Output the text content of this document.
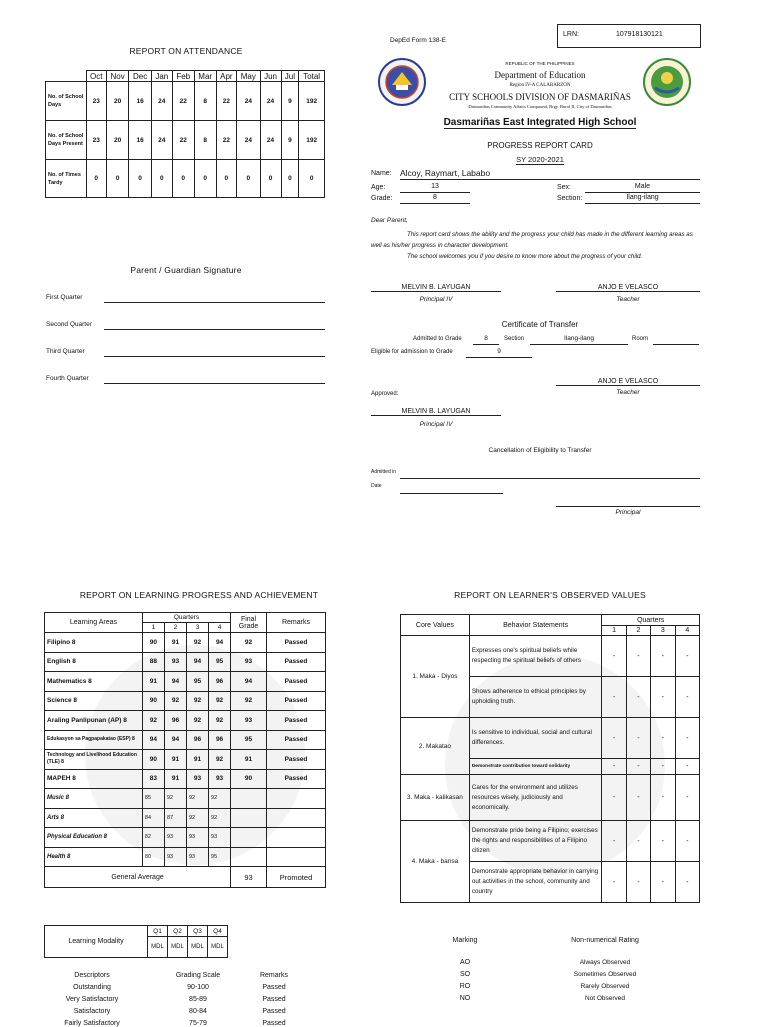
REPORT ON ATTENDANCE
	Oct	Nov	Dec	Jan	Feb	Mar	Apr	May	Jun	Jul	Total
No. of School Days	23	20	16	24	22	8	22	24	24	9	192
No. of School Days Present	23	20	16	24	22	8	22	24	24	9	192
No. of Times Tardy	0	0	0	0	0	0	0	0	0	0	0
Parent / Guardian Signature
First Quarter
Second Quarter
Third Quarter
Fourth Quarter
DepEd Form 138-E
LRN:	107918130121
REPUBLIC OF THE PHILIPPINES
Department of Education
Region IV-A CALABARZON
CITY SCHOOLS DIVISION OF DASMARIÑAS
Dasmariñas Community Affairs Compound, Brgy. Burol II, City of Dasmariñas
Dasmariñas East Integrated High School
PROGRESS REPORT CARD
SY 2020-2021
Name: Alcoy, Raymart, Lababo
Age:	13	Sex:	Male
Grade:	8	Section:	Ilang-ilang
Dear Parent,
This report card shows the ability and the progress your child has made in the different learning areas as well as his/her progress in character development.
The school welcomes you if you desire to know more about the progress of your child.
MELVIN B. LAYUGAN
Principal IV
ANJO E VELASCO
Teacher
Certificate of Transfer
Admitted to Grade	8	Section	Ilang-ilang	Room
Eligible for admission to Grade	9
ANJO E VELASCO
Teacher
Approved:
MELVIN B. LAYUGAN
Principal IV
Cancellation of Eligibility to Transfer
Admitted in
Date
Principal
REPORT ON LEARNING PROGRESS AND ACHIEVEMENT
Learning Areas	Quarters				Final Grade	Remarks
	1	2	3	4		
Filipino 8	90	91	92	94	92	Passed
English 8	88	93	94	95	93	Passed
Mathematics 8	91	94	95	96	94	Passed
Science 8	90	92	92	92	92	Passed
Araling Panlipunan (AP) 8	92	96	92	92	93	Passed
Edukasyon sa Pagpapakatao (ESP) 8	94	94	96	96	95	Passed
Technology and Livelihood Education (TLE) 8	90	91	91	92	91	Passed
MAPEH 8	83	91	93	93	90	Passed
Music 8	85	92	92	92		
Arts 8	84	87	92	92		
Physical Education 8	82	93	93	93		
Health 8	80	93	93	95		
General Average					93	Promoted
REPORT ON LEARNER'S OBSERVED VALUES
Core Values	Behavior Statements	Quarters			
		1	2	3	4
1. Maka - Diyos	Expresses one's spiritual beliefs while respecting the spiritual beliefs of others	-	-	-	-
	Shows adherence to ethical principles by upholding truth.	-	-	-	-
2. Makatao	Is sensitive to individual, social and cultural differences.	-	-	-	-
	Demonstrate contribution toward solidarity	-	-	-	-
3. Maka - kalikasan	Cares for the environment and utilizes resources wisely, judiciously and economically.	-	-	-	-
4. Maka - bansa	Demonstrate pride being a Filipino; exercises the rights and responsibilities of a Filipino citizen	-	-	-	-
	Demonstrate appropriate behavior in carrying out activities in the school, community and country	-	-	-	-
Learning Modality	Q1	Q2	Q3	Q4
	MDL	MDL	MDL	MDL
Descriptors	Grading Scale	Remarks
Outstanding	90-100	Passed
Very Satisfactory	85-89	Passed
Satisfactory	80-84	Passed
Fairly Satisfactory	75-79	Passed
Marking	Non-numerical Rating
AO	Always Observed
SO	Sometimes Observed
RO	Rarely Observed
NO	Not Observed
